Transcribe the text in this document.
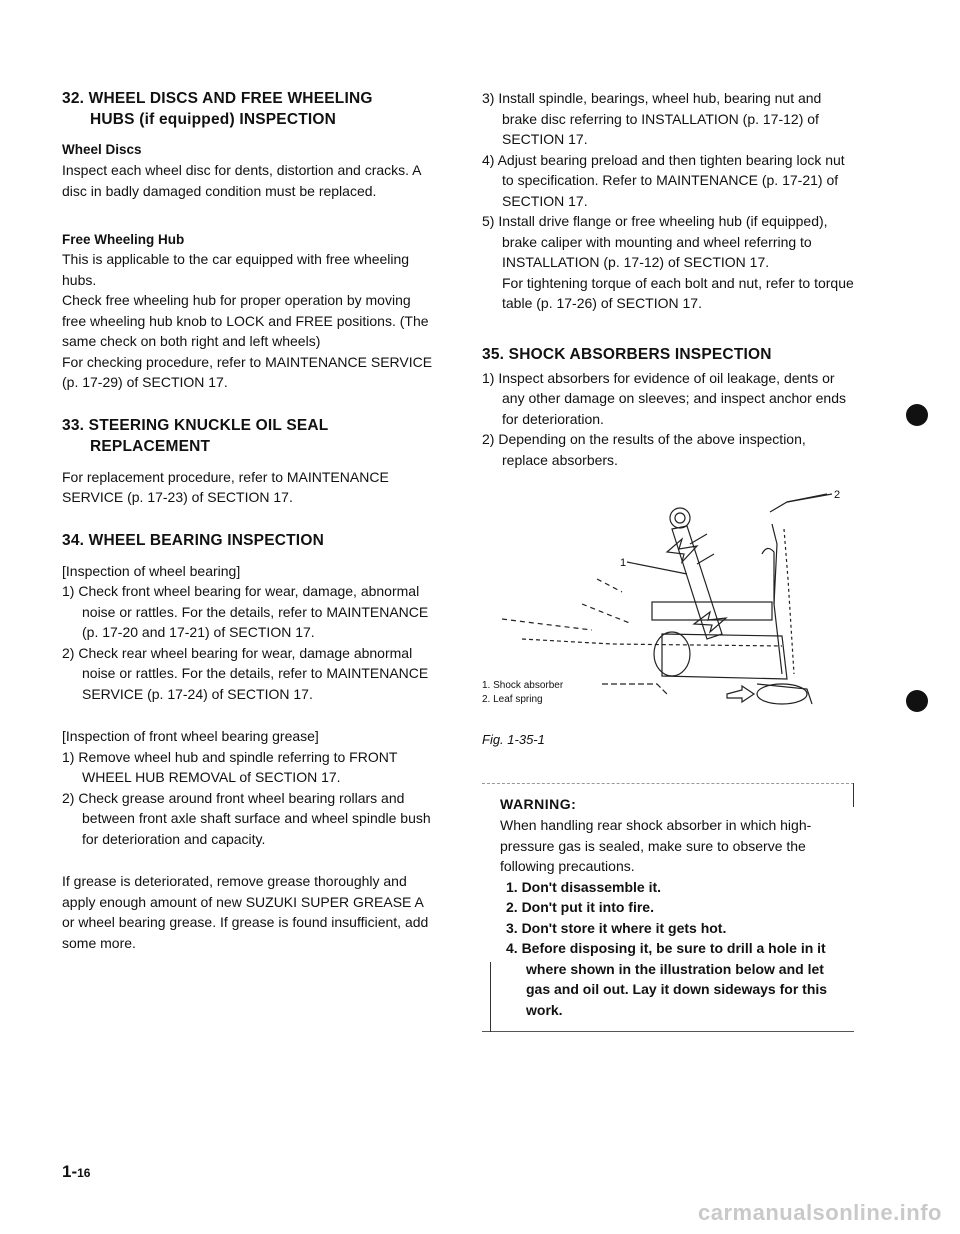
32. WHEEL DISCS AND FREE WHEELING
HUBS (if equipped) INSPECTION
Wheel Discs

Inspect each wheel disc for dents, distortion and cracks. A disc in badly damaged condition must be replaced.

Free Wheeling Hub

This is applicable to the car equipped with free wheeling hubs.

Check free wheeling hub for proper operation by moving free wheeling hub knob to LOCK and FREE positions. (The same check on both right and left wheels)

For checking procedure, refer to MAINTENANCE SERVICE (p. 17-29) of SECTION 17.

33. STEERING KNUCKLE OIL SEAL
REPLACEMENT

For replacement procedure, refer to MAINTENANCE SERVICE (p. 17-23) of SECTION 17.

34. WHEEL BEARING INSPECTION

[Inspection of wheel bearing]

1) Check front wheel bearing for wear, damage, abnormal noise or rattles. For the details, refer to MAINTENANCE (p. 17-20 and 17-21) of SECTION 17.
2) Check rear wheel bearing for wear, damage abnormal noise or rattles. For the details, refer to MAINTENANCE SERVICE (p. 17-24) of SECTION 17.

[Inspection of front wheel bearing grease]

1) Remove wheel hub and spindle referring to FRONT WHEEL HUB REMOVAL of SECTION 17.
2) Check grease around front wheel bearing rollars and between front axle shaft surface and wheel spindle bush for deterioration and capacity.

If grease is deteriorated, remove grease thoroughly and apply enough amount of new SUZUKI SUPER GREASE A or wheel bearing grease. If grease is found insufficient, add some more.

3) Install spindle, bearings, wheel hub, bearing nut and brake disc referring to INSTALLATION (p. 17-12) of SECTION 17.
4) Adjust bearing preload and then tighten bearing lock nut to specification. Refer to MAINTENANCE (p. 17-21) of SECTION 17.
5) Install drive flange or free wheeling hub (if equipped), brake caliper with mounting and wheel referring to INSTALLATION (p. 17-12) of SECTION 17.
For tightening torque of each bolt and nut, refer to torque table (p. 17-26) of SECTION 17.
35. SHOCK ABSORBERS INSPECTION
1) Inspect absorbers for evidence of oil leakage, dents or any other damage on sleeves; and inspect anchor ends for deterioration.
2) Depending on the results of the above inspection, replace absorbers.
1
2
1. Shock absorber
2. Leaf spring
Fig. 1-35-1
WARNING:
When handling rear shock absorber in which high-pressure gas is sealed, make sure to observe the following precautions.
1. Don't disassemble it.
2. Don't put it into fire.
3. Don't store it where it gets hot.
4. Before disposing it, be sure to drill a hole in it where shown in the illustration below and let gas and oil out. Lay it down sideways for this work.
1-16
carmanualsonline.info
